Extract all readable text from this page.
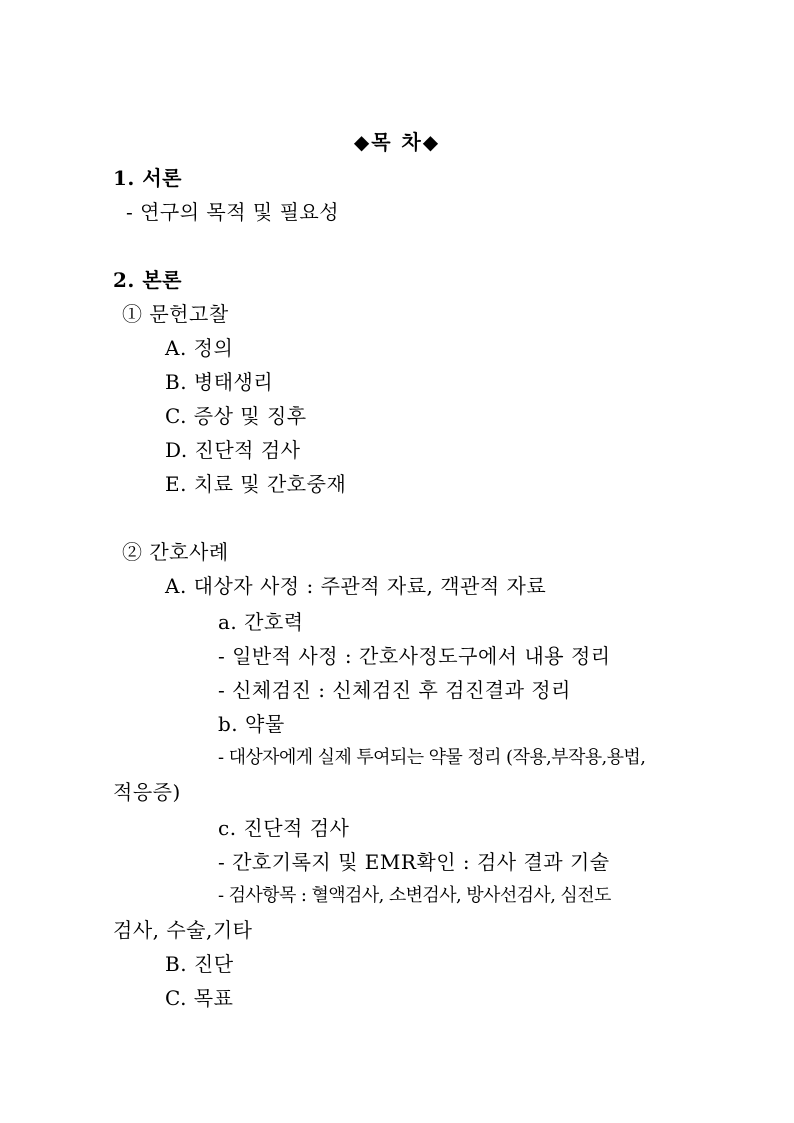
◆목 차◆
1. 서론
- 연구의 목적 및 필요성
2. 본론
① 문헌고찰
A. 정의
B. 병태생리
C. 증상 및 징후
D. 진단적 검사
E. 치료 및 간호중재
② 간호사례
A. 대상자 사정 : 주관적 자료, 객관적 자료
a. 간호력
- 일반적 사정 : 간호사정도구에서 내용 정리
- 신체검진 : 신체검진 후 검진결과 정리
b. 약물
- 대상자에게 실제 투여되는 약물 정리 (작용,부작용,용법,
적응증)
c. 진단적 검사
- 간호기록지 및 EMR확인 : 검사 결과 기술
- 검사항목 : 혈액검사, 소변검사, 방사선검사, 심전도
검사, 수술,기타
B. 진단
C. 목표
